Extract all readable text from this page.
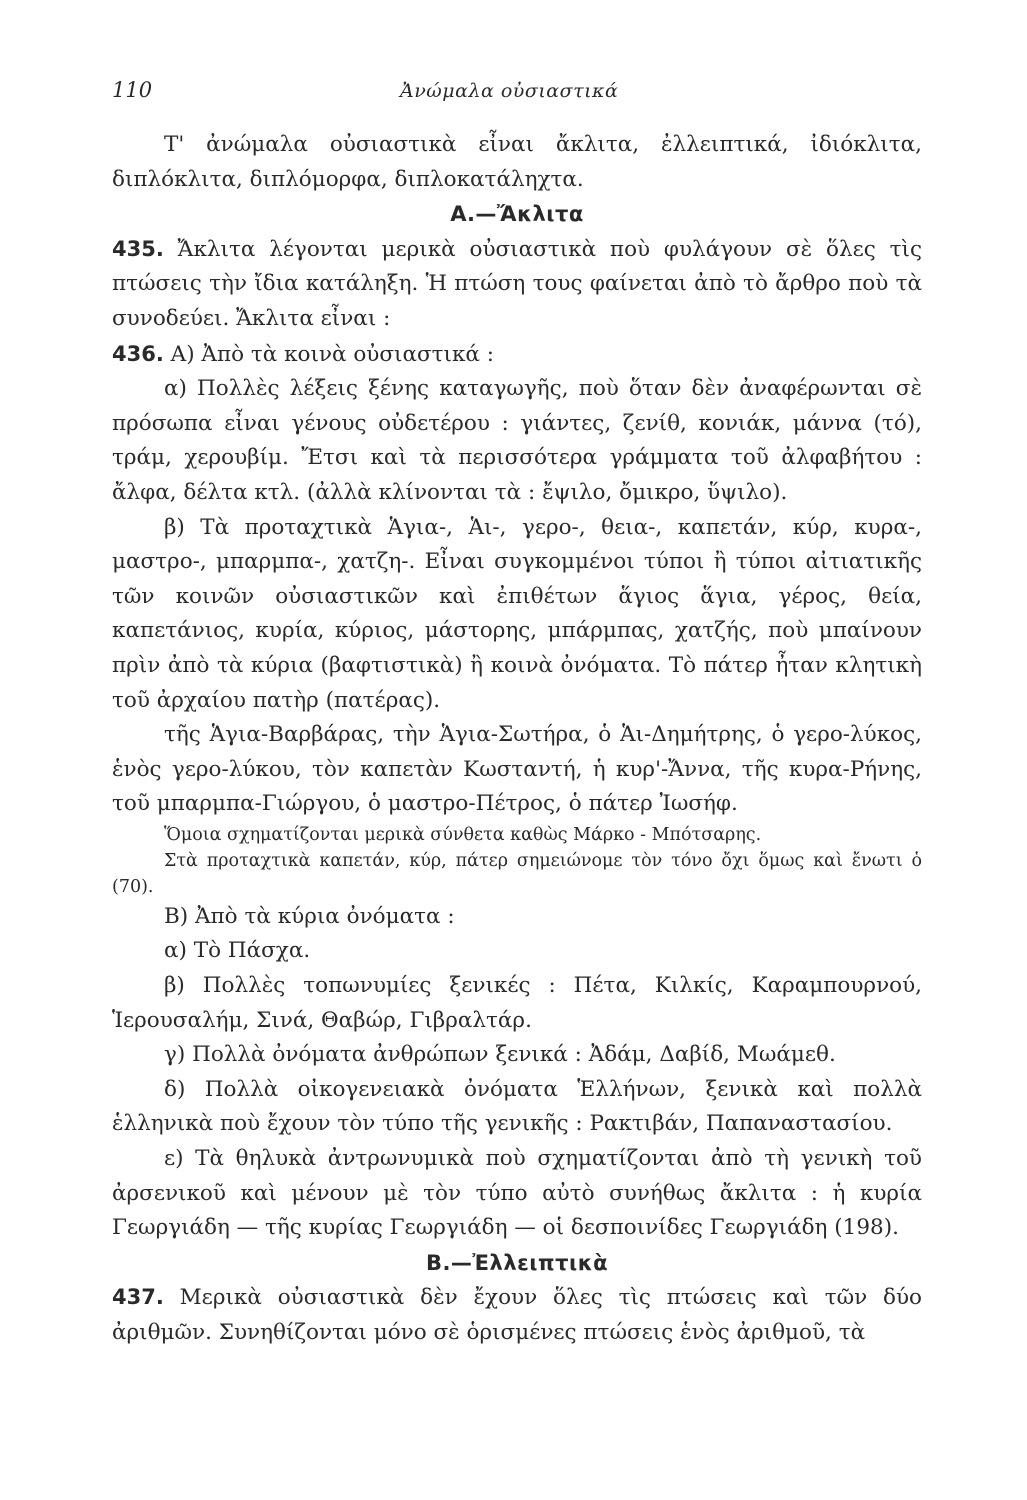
110	Ἀνώμαλα οὐσιαστικά

Τ' ἀνώμαλα οὐσιαστικὰ εἶναι ἄκλιτα, ἐλλειπτικά, ἰδιόκλιτα, διπλόκλιτα, διπλόμορφα, διπλοκατάληχτα.

Α.—Ἄκλιτα

435. Ἄκλιτα λέγονται μερικὰ οὐσιαστικὰ ποὺ φυλάγουν σὲ ὅλες τὶς πτώσεις τὴν ἴδια κατάληξη. Ἡ πτώση τους φαίνεται ἀπὸ τὸ ἄρθρο ποὺ τὰ συνοδεύει. Ἄκλιτα εἶναι :

436. Α) Ἀπὸ τὰ κοινὰ οὐσιαστικά :

α) Πολλὲς λέξεις ξένης καταγωγῆς, ποὺ ὅταν δὲν ἀναφέρωνται σὲ πρόσωπα εἶναι γένους οὐδετέρου : γιάντες, ζενίθ, κονιάκ, μάννα (τό), τράμ, χερουβίμ. Ἔτσι καὶ τὰ περισσότερα γράμματα τοῦ ἀλφαβήτου : ἄλφα, δέλτα κτλ. (ἀλλὰ κλίνονται τὰ : ἔψιλο, ὄμικρο, ὕψιλο).

β) Τὰ προταχτικὰ Ἁγια-, Ἁι-, γερο-, θεια-, καπετάν, κύρ, κυρα-, μαστρο-, μπαρμπα-, χατζη-. Εἶναι συγκομμένοι τύποι ἢ τύποι αἰτιατικῆς τῶν κοινῶν οὐσιαστικῶν καὶ ἐπιθέτων ἅγιος ἅγια, γέρος, θεία, καπετάνιος, κυρία, κύριος, μάστορης, μπάρμπας, χατζής, ποὺ μπαίνουν πρὶν ἀπὸ τὰ κύρια (βαφτιστικὰ) ἢ κοινὰ ὀνόματα. Τὸ πάτερ ἦταν κλητικὴ τοῦ ἀρχαίου πατὴρ (πατέρας).

τῆς Ἁγια-Βαρβάρας, τὴν Ἁγια-Σωτήρα, ὁ Ἁι-Δημήτρης, ὁ γερο-λύκος, ἑνὸς γερο-λύκου, τὸν καπετὰν Κωσταντή, ἡ κυρ'-Ἄννα, τῆς κυρα-Ρήνης, τοῦ μπαρμπα-Γιώργου, ὁ μαστρο-Πέτρος, ὁ πάτερ Ἰωσήφ.

Ὅμοια σχηματίζονται μερικὰ σύνθετα καθὼς Μάρκο - Μπότσαρης.

Στὰ προταχτικὰ καπετάν, κύρ, πάτερ σημειώνομε τὸν τόνο ὄχι ὅμως καὶ ἔνωτι ὁ (70).

Β) Ἀπὸ τὰ κύρια ὀνόματα :

α) Τὸ Πάσχα.

β) Πολλὲς τοπωνυμίες ξενικές : Πέτα, Κιλκίς, Καραμπουρνού, Ἱερουσαλήμ, Σινά, Θαβώρ, Γιβραλτάρ.

γ) Πολλὰ ὀνόματα ἀνθρώπων ξενικά : Ἀδάμ, Δαβίδ, Μωάμεθ.

δ) Πολλὰ οἰκογενειακὰ ὀνόματα Ἑλλήνων, ξενικὰ καὶ πολλὰ ἑλληνικὰ ποὺ ἔχουν τὸν τύπο τῆς γενικῆς : Ρακτιβάν, Παπαναστασίου.

ε) Τὰ θηλυκὰ ἀντρωνυμικὰ ποὺ σχηματίζονται ἀπὸ τὴ γενικὴ τοῦ ἀρσενικοῦ καὶ μένουν μὲ τὸν τύπο αὐτὸ συνήθως ἄκλιτα : ἡ κυρία Γεωργιάδη — τῆς κυρίας Γεωργιάδη — οἱ δεσποινίδες Γεωργιάδη (198).

Β.—Ἐλλειπτικὰ

437. Μερικὰ οὐσιαστικὰ δὲν ἔχουν ὅλες τὶς πτώσεις καὶ τῶν δύο ἀριθμῶν. Συνηθίζονται μόνο σὲ ὁρισμένες πτώσεις ἑνὸς ἀριθμοῦ, τὰ
